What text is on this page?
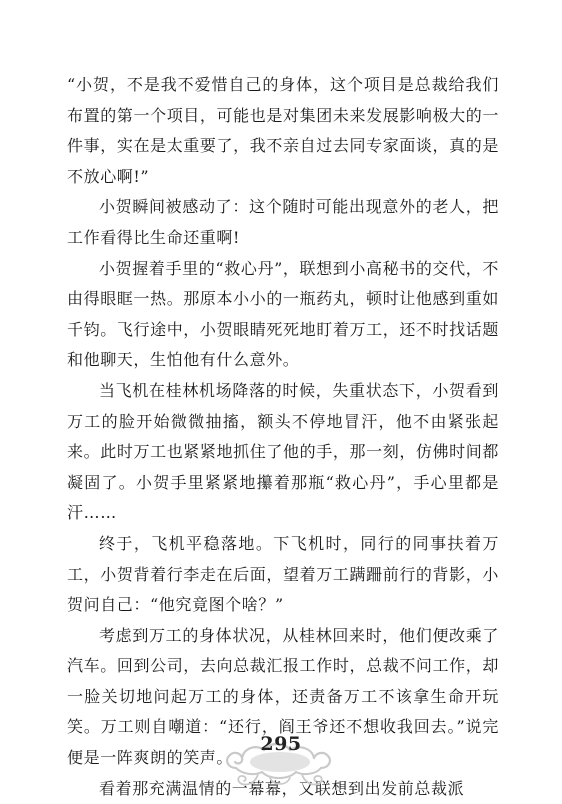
“小贺，不是我不爱惜自己的身体，这个项目是总裁给我们布置的第一个项目，可能也是对集团未来发展影响极大的一件事，实在是太重要了，我不亲自过去同专家面谈，真的是不放心啊!”

小贺瞬间被感动了：这个随时可能出现意外的老人，把工作看得比生命还重啊!

小贺握着手里的“救心丹”，联想到小高秘书的交代，不由得眼眶一热。那原本小小的一瓶药丸，顿时让他感到重如千钧。飞行途中，小贺眼睛死死地盯着万工，还不时找话题和他聊天，生怕他有什么意外。

当飞机在桂林机场降落的时候，失重状态下，小贺看到万工的脸开始微微抽搐，额头不停地冒汗，他不由紧张起来。此时万工也紧紧地抓住了他的手，那一刻，仿佛时间都凝固了。小贺手里紧紧地攥着那瓶“救心丹”，手心里都是汗……

终于，飞机平稳落地。下飞机时，同行的同事扶着万工，小贺背着行李走在后面，望着万工蹒跚前行的背影，小贺问自己：“他究竟图个啥？”

考虑到万工的身体状况，从桂林回来时，他们便改乘了汽车。回到公司，去向总裁汇报工作时，总裁不问工作，却一脸关切地问起万工的身体，还责备万工不该拿生命开玩笑。万工则自嘲道：“还行，阎王爷还不想收我回去。”说完便是一阵爽朗的笑声。

看着那充满温情的一幕幕，又联想到出发前总裁派

295
